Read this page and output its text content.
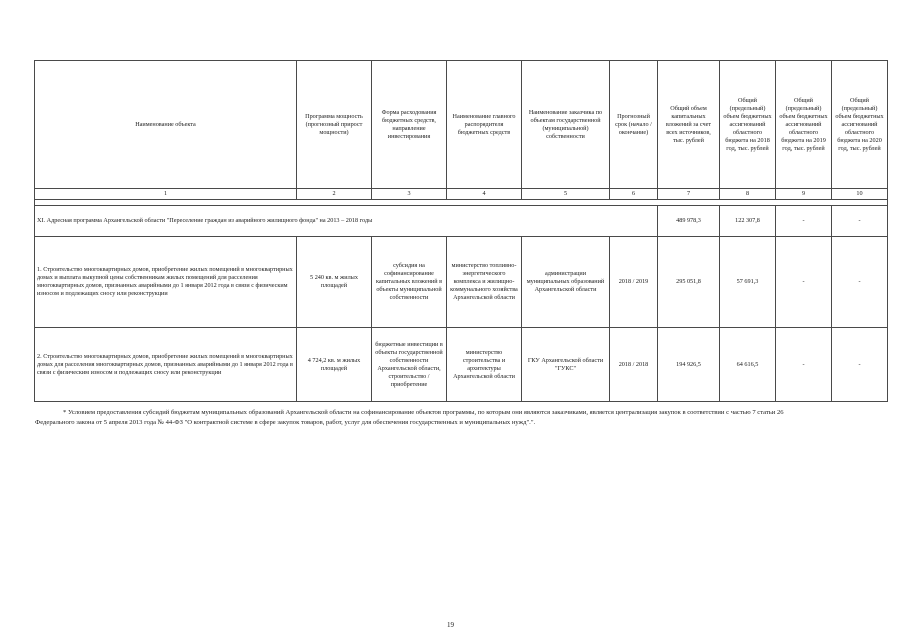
Наименование объекта	Программа мощность (прогнозный прирост мощности)	Форма расходования бюджетных средств, направление инвестирования	Наименование главного распорядителя бюджетных средств	Наименование заказчика по объектам государственной (муниципальной) собственности	Прогнозный срок (начало / окончание)	Общий объем капитальных вложений за счет всех источников, тыс. рублей	Общий (предельный) объем бюджетных ассигнований областного бюджета на 2018 год, тыс. рублей	Общий (предельный) объем бюджетных ассигнований областного бюджета на 2019 год, тыс. рублей	Общий (предельный) объем бюджетных ассигнований областного бюджета на 2020 год, тыс. рублей
1	2	3	4	5	6	7	8	9	10

XI. Адресная программа Архангельской области "Переселение граждан из аварийного жилищного фонда" на 2013 – 2018 годы						489 978,3	122 307,8	-	-
1. Строительство многоквартирных домов, приобретение жилых помещений в многоквартирных домах и выплата выкупной цены собственникам жилых помещений для расселения многоквартирных домов, признанных аварийными до 1 января 2012 года в связи с физическим износом и подлежащих сносу или реконструкции	5 240 кв. м жилых площадей	субсидия на софинансирование капитальных вложений в объекты муниципальной собственности	министерство топливно-энергетического комплекса и жилищно-коммунального хозяйства Архангельской области	администрации муниципальных образований Архангельской области	2018 / 2019	295 051,8	57 691,3	-	-
2. Строительство многоквартирных домов, приобретение жилых помещений в многоквартирных домах для расселения многоквартирных домов, признанных аварийными до 1 января 2012 года в связи с физическим износом и подлежащих сносу или реконструкции	4 724,2 кв. м жилых площадей	бюджетные инвестиции в объекты государственной собственности Архангельской области, строительство / приобретение	министерство строительства и архитектуры Архангельской области	ГКУ Архангельской области "ГУКС"	2018 / 2018	194 926,5	64 616,5	-	-

* Условием предоставления субсидий бюджетам муниципальных образований Архангельской области на софинансирование объектов программы, по которым они являются заказчиками, является централизация закупок в соответствии с частью 7 статьи 26 Федерального закона от 5 апреля 2013 года № 44-ФЗ "О контрактной системе в сфере закупок товаров, работ, услуг для обеспечения государственных и муниципальных нужд".".

19
